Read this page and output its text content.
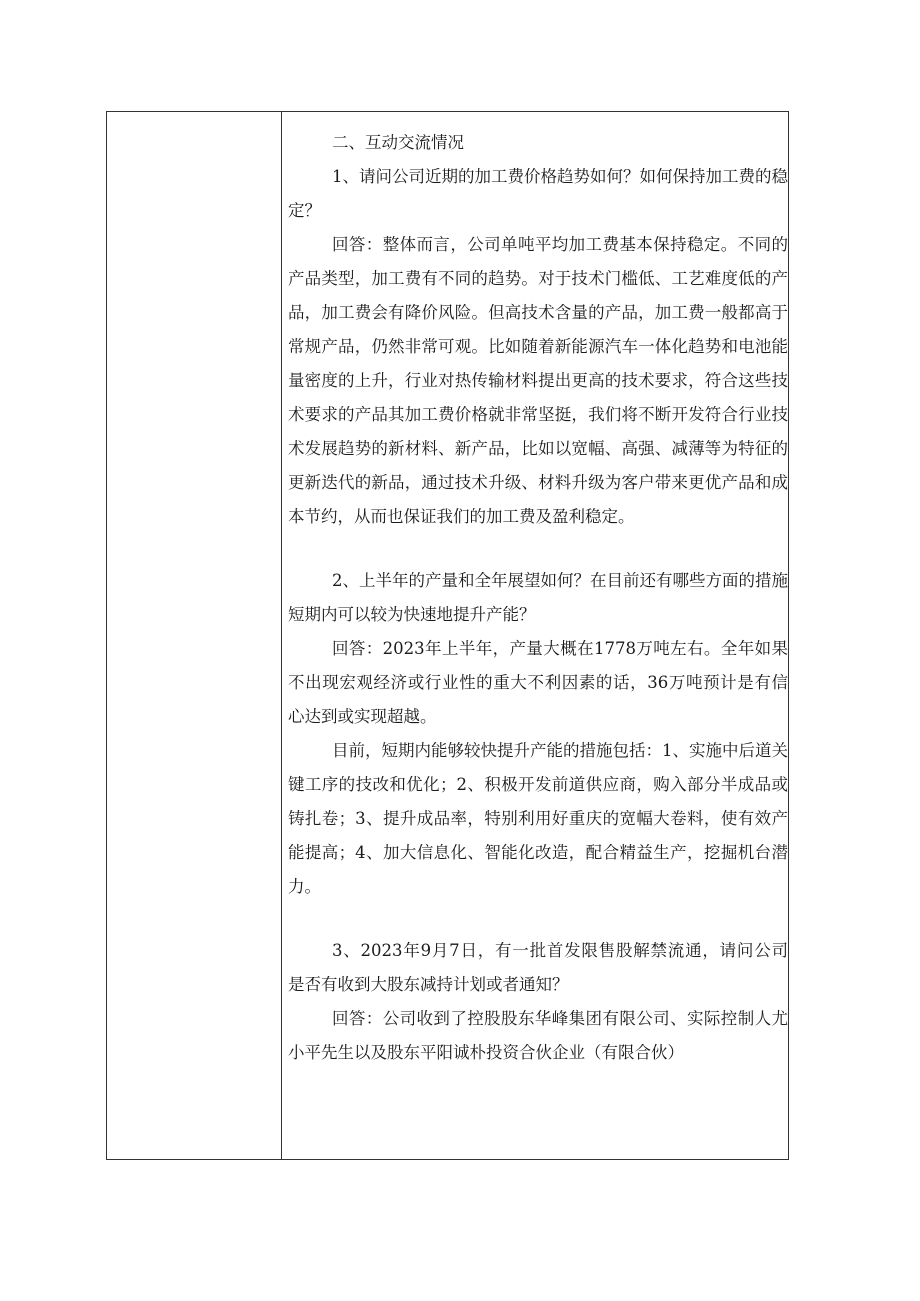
二、互动交流情况
1、请问公司近期的加工费价格趋势如何？如何保持加工费的稳
定？
回答：整体而言，公司单吨平均加工费基本保持稳定。不同的
产品类型，加工费有不同的趋势。对于技术门槛低、工艺难度低的产
品，加工费会有降价风险。但高技术含量的产品，加工费一般都高于
常规产品，仍然非常可观。比如随着新能源汽车一体化趋势和电池能
量密度的上升，行业对热传输材料提出更高的技术要求，符合这些技
术要求的产品其加工费价格就非常坚挺，我们将不断开发符合行业技
术发展趋势的新材料、新产品，比如以宽幅、高强、减薄等为特征的
更新迭代的新品，通过技术升级、材料升级为客户带来更优产品和成
本节约，从而也保证我们的加工费及盈利稳定。
2、上半年的产量和全年展望如何？在目前还有哪些方面的措施
短期内可以较为快速地提升产能？
回答：2023年上半年，产量大概在1778万吨左右。全年如果
不出现宏观经济或行业性的重大不利因素的话，36万吨预计是有信
心达到或实现超越。
目前，短期内能够较快提升产能的措施包括：1、实施中后道关
键工序的技改和优化；2、积极开发前道供应商，购入部分半成品或
铸扎卷；3、提升成品率，特别利用好重庆的宽幅大卷料，使有效产
能提高；4、加大信息化、智能化改造，配合精益生产，挖掘机台潜
力。
3、2023年9月7日，有一批首发限售股解禁流通，请问公司
是否有收到大股东减持计划或者通知？
回答：公司收到了控股股东华峰集团有限公司、实际控制人尤
小平先生以及股东平阳诚朴投资合伙企业（有限合伙）
